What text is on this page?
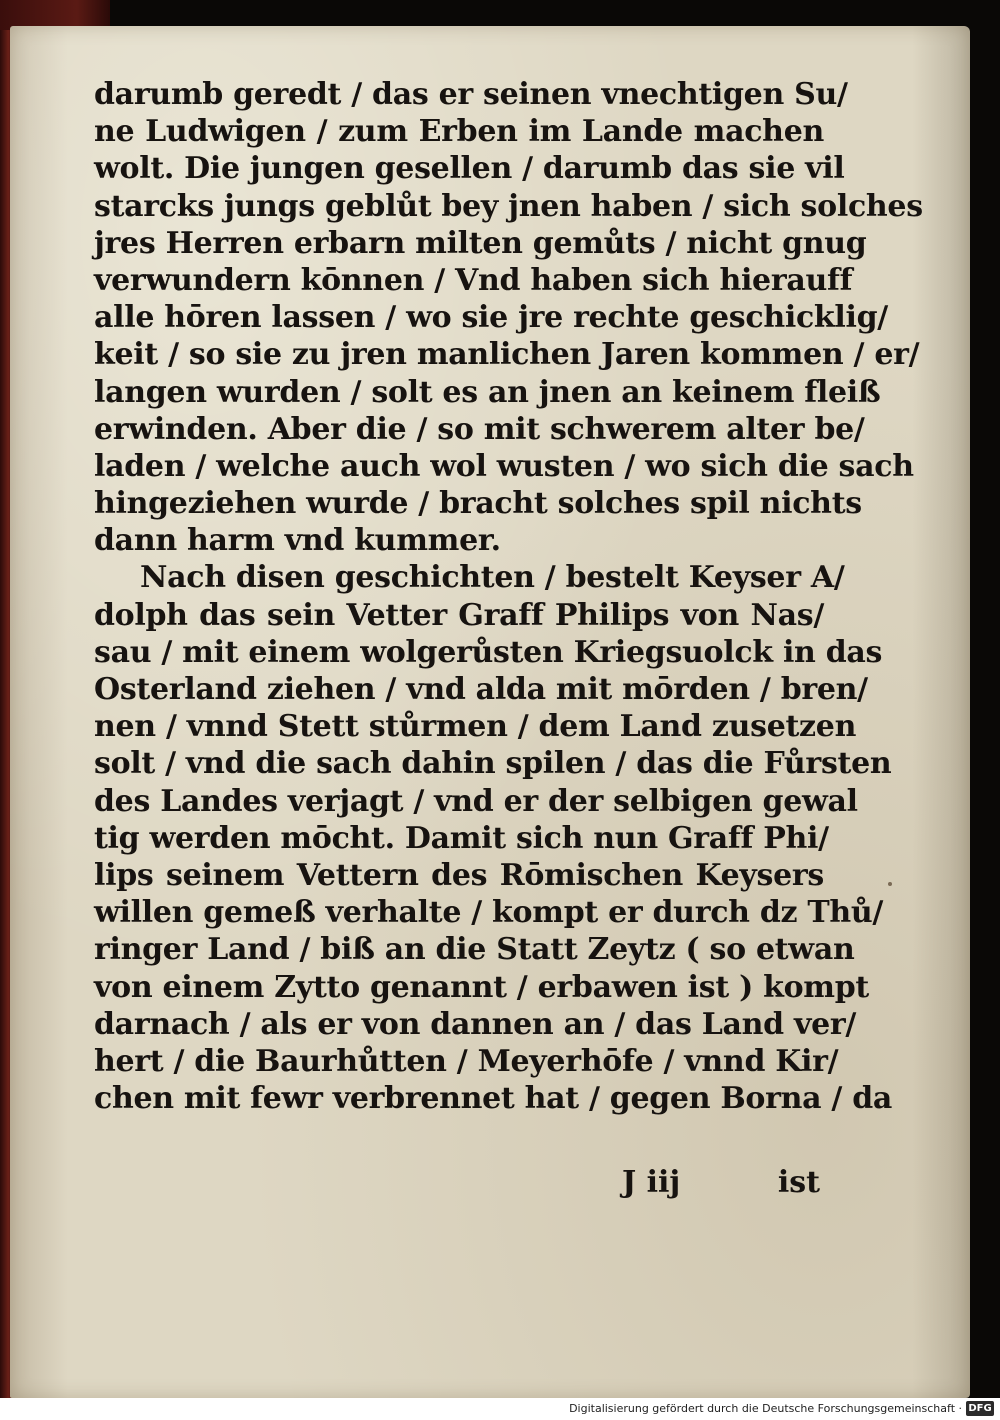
darumb geredt / das er seinen vnechtigen Su/
ne Ludwigen / zum Erben im Lande machen
wolt. Die jungen gesellen / darumb das sie vil
starcks jungs geblůt bey jnen haben / sich solches
jres Herren erbarn milten gemůts / nicht gnug
verwundern kōnnen / Vnd haben sich hierauff
alle hōren lassen / wo sie jre rechte geschicklig/
keit / so sie zu jren manlichen Jaren kommen / er/
langen wurden / solt es an jnen an keinem fleiß
erwinden. Aber die / so mit schwerem alter be/
laden / welche auch wol wusten / wo sich die sach
hingeziehen wurde / bracht solches spil nichts
dann harm vnd kummer.
Nach disen geschichten / bestelt Keyser A/
dolph das sein Vetter Graff Philips von Nas/
sau / mit einem wolgerůsten Kriegsuolck in das
Osterland ziehen / vnd alda mit mōrden / bren/
nen / vnnd Stett stůrmen / dem Land zusetzen
solt / vnd die sach dahin spilen / das die Fůrsten
des Landes verjagt / vnd er der selbigen gewal
tig werden mōcht. Damit sich nun Graff Phi/
lips seinem Vettern des Rōmischen Keysers
willen gemeß verhalte / kompt er durch dz Thů/
ringer Land / biß an die Statt Zeytz ( so etwan
von einem Zytto genannt / erbawen ist ) kompt
darnach / als er von dannen an / das Land ver/
hert / die Baurhůtten / Meyerhōfe / vnnd Kir/
chen mit fewr verbrennet hat / gegen Borna / da
J iij	ist
Digitalisierung gefördert durch die Deutsche Forschungsgemeinschaft · DFG
